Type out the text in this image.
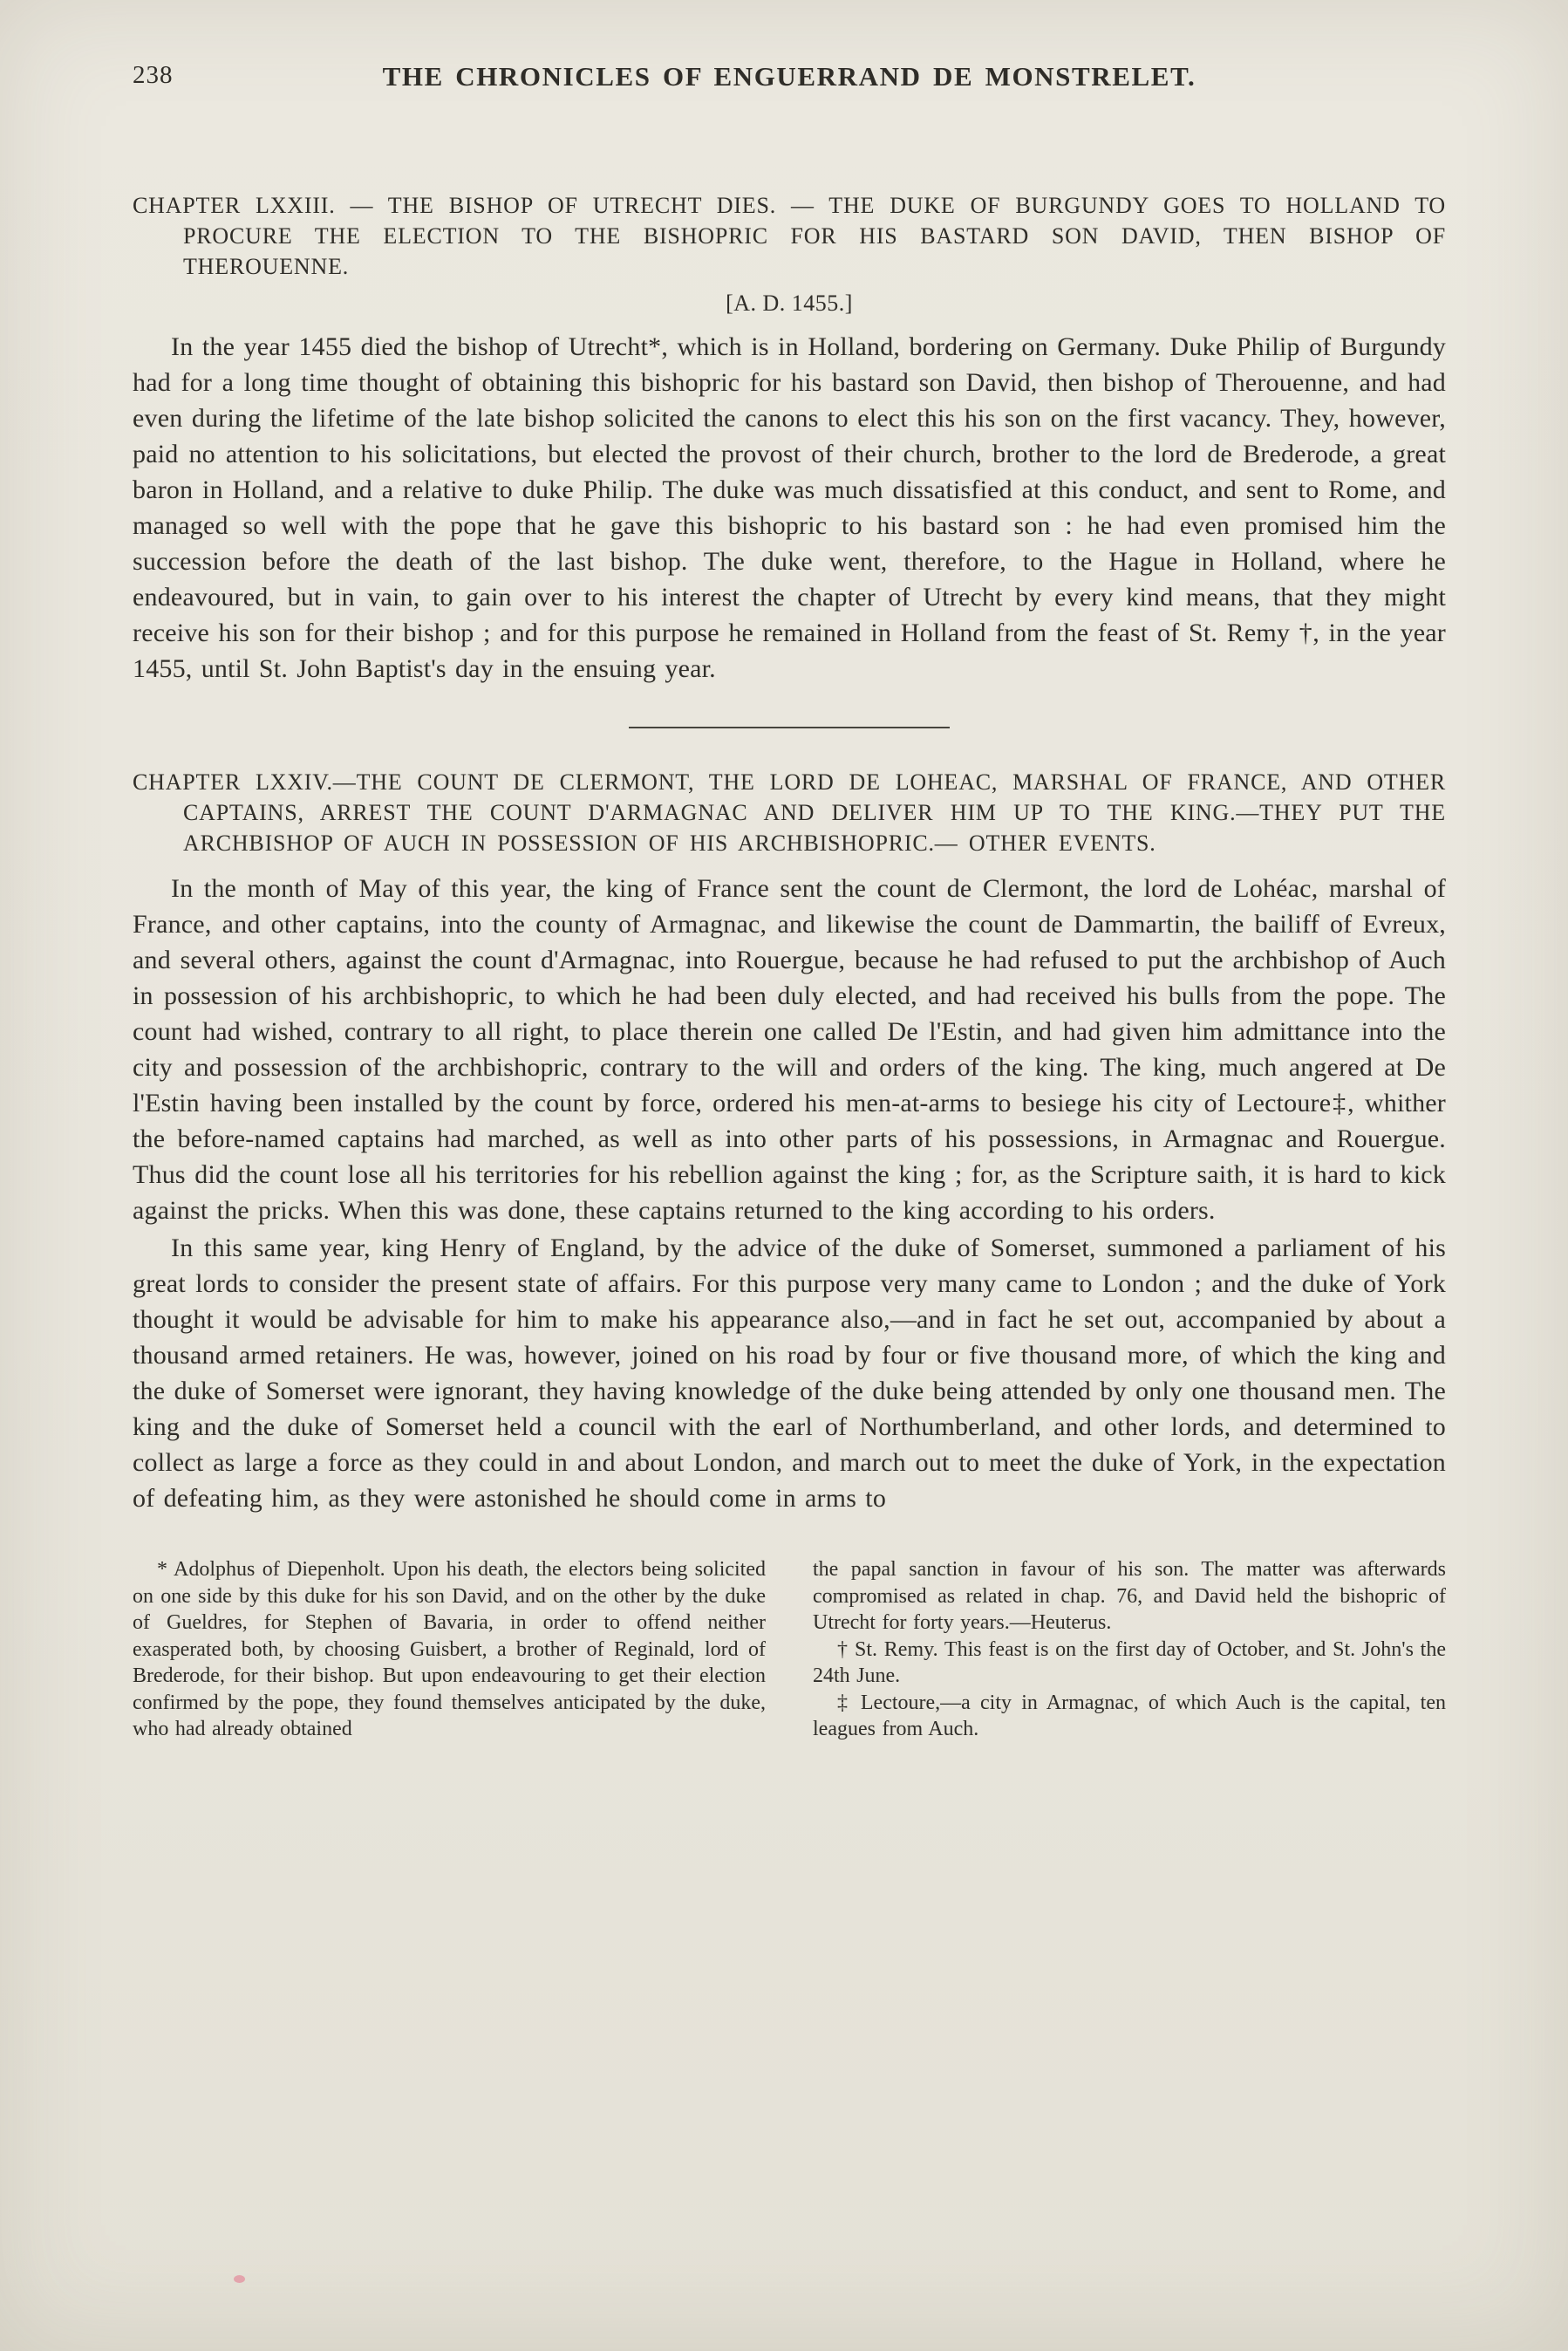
238	THE CHRONICLES OF ENGUERRAND DE MONSTRELET.

CHAPTER LXXIII. — THE BISHOP OF UTRECHT DIES. — THE DUKE OF BURGUNDY GOES TO HOLLAND TO PROCURE THE ELECTION TO THE BISHOPRIC FOR HIS BASTARD SON DAVID, THEN BISHOP OF THEROUENNE.

[A. D. 1455.]

In the year 1455 died the bishop of Utrecht*, which is in Holland, bordering on Germany. Duke Philip of Burgundy had for a long time thought of obtaining this bishopric for his bastard son David, then bishop of Therouenne, and had even during the lifetime of the late bishop solicited the canons to elect this his son on the first vacancy. They, however, paid no attention to his solicitations, but elected the provost of their church, brother to the lord de Brederode, a great baron in Holland, and a relative to duke Philip. The duke was much dissatisfied at this conduct, and sent to Rome, and managed so well with the pope that he gave this bishopric to his bastard son : he had even promised him the succession before the death of the last bishop. The duke went, therefore, to the Hague in Holland, where he endeavoured, but in vain, to gain over to his interest the chapter of Utrecht by every kind means, that they might receive his son for their bishop ; and for this purpose he remained in Holland from the feast of St. Remy †, in the year 1455, until St. John Baptist's day in the ensuing year.

CHAPTER LXXIV.—THE COUNT DE CLERMONT, THE LORD DE LOHEAC, MARSHAL OF FRANCE, AND OTHER CAPTAINS, ARREST THE COUNT D'ARMAGNAC AND DELIVER HIM UP TO THE KING.—THEY PUT THE ARCHBISHOP OF AUCH IN POSSESSION OF HIS ARCHBISHOPRIC.— OTHER EVENTS.

In the month of May of this year, the king of France sent the count de Clermont, the lord de Lohéac, marshal of France, and other captains, into the county of Armagnac, and likewise the count de Dammartin, the bailiff of Evreux, and several others, against the count d'Armagnac, into Rouergue, because he had refused to put the archbishop of Auch in possession of his archbishopric, to which he had been duly elected, and had received his bulls from the pope. The count had wished, contrary to all right, to place therein one called De l'Estin, and had given him admittance into the city and possession of the archbishopric, contrary to the will and orders of the king. The king, much angered at De l'Estin having been installed by the count by force, ordered his men-at-arms to besiege his city of Lectoure‡, whither the before-named captains had marched, as well as into other parts of his possessions, in Armagnac and Rouergue. Thus did the count lose all his territories for his rebellion against the king ; for, as the Scripture saith, it is hard to kick against the pricks. When this was done, these captains returned to the king according to his orders.

In this same year, king Henry of England, by the advice of the duke of Somerset, summoned a parliament of his great lords to consider the present state of affairs. For this purpose very many came to London ; and the duke of York thought it would be advisable for him to make his appearance also,—and in fact he set out, accompanied by about a thousand armed retainers. He was, however, joined on his road by four or five thousand more, of which the king and the duke of Somerset were ignorant, they having knowledge of the duke being attended by only one thousand men. The king and the duke of Somerset held a council with the earl of Northumberland, and other lords, and determined to collect as large a force as they could in and about London, and march out to meet the duke of York, in the expectation of defeating him, as they were astonished he should come in arms to

* Adolphus of Diepenholt. Upon his death, the electors being solicited on one side by this duke for his son David, and on the other by the duke of Gueldres, for Stephen of Bavaria, in order to offend neither exasperated both, by choosing Guisbert, a brother of Reginald, lord of Brederode, for their bishop. But upon endeavouring to get their election confirmed by the pope, they found themselves anticipated by the duke, who had already obtained

the papal sanction in favour of his son. The matter was afterwards compromised as related in chap. 76, and David held the bishopric of Utrecht for forty years.—Heuterus.

† St. Remy. This feast is on the first day of October, and St. John's the 24th June.

‡ Lectoure,—a city in Armagnac, of which Auch is the capital, ten leagues from Auch.
